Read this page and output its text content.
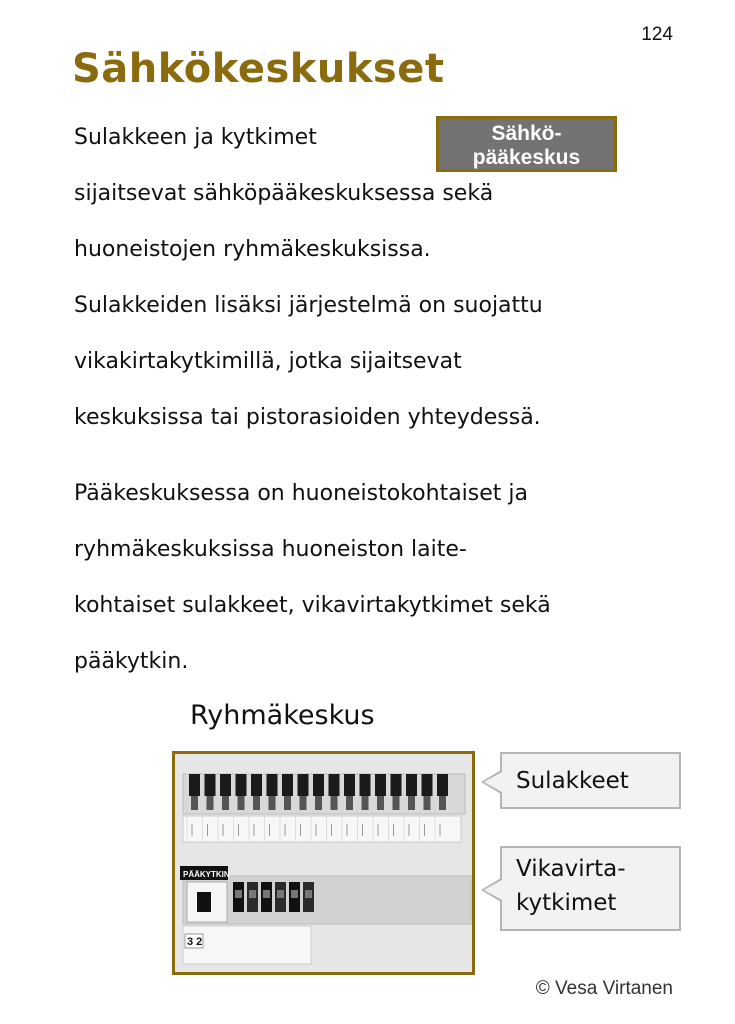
124
Sähkökeskukset
Sähkö-
pääkeskus
Sulakkeen ja kytkimet
sijaitsevat sähköpääkeskuksessa sekä
huoneistojen ryhmäkeskuksissa.
Sulakkeiden lisäksi järjestelmä on suojattu
vikakirtakytkimillä, jotka sijaitsevat
keskuksissa tai pistorasioiden yhteydessä.
Pääkeskuksessa on huoneistokohtaiset ja
ryhmäkeskuksissa huoneiston laite-
kohtaiset sulakkeet, vikavirtakytkimet sekä
pääkytkin.

Ryhmäkeskus

PÄÄKYTKIN
3 2
Sulakkeet
Vikavirta-
kytkimet
© Vesa Virtanen
